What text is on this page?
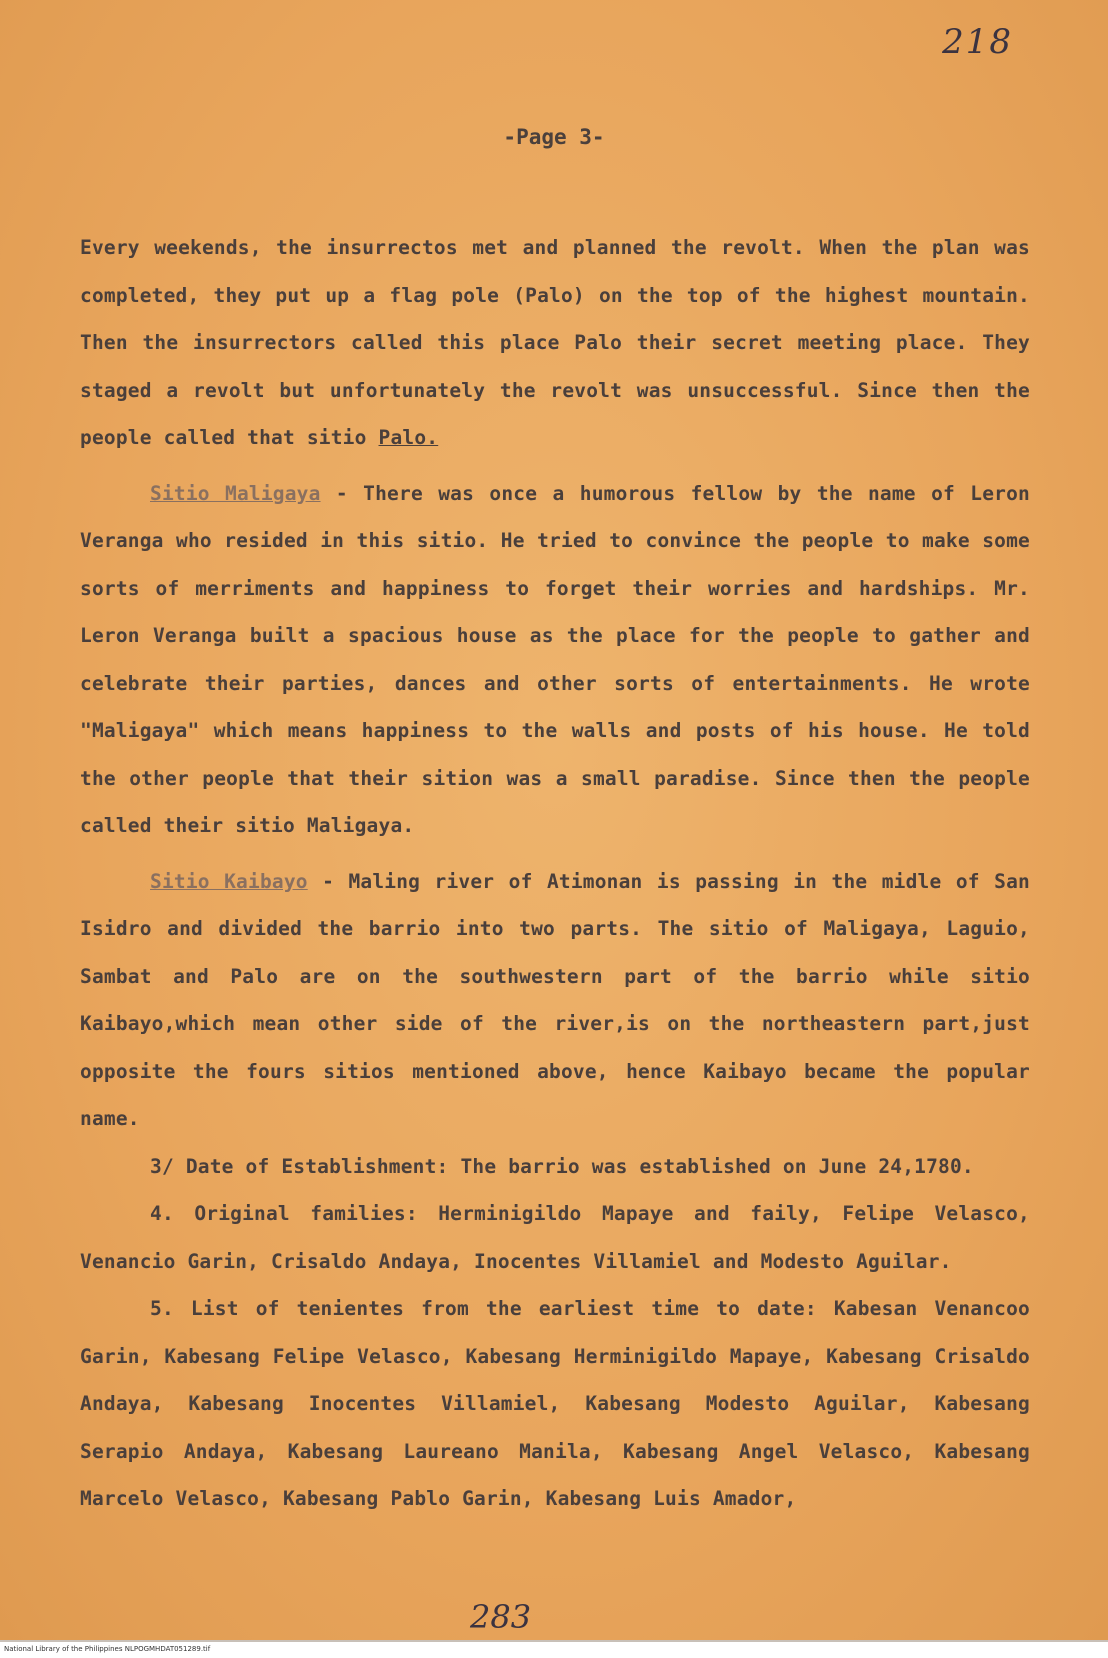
218
-Page 3-

Every weekends, the insurrectos met and planned the revolt. When the plan was completed, they put up a flag pole (Palo) on the top of the highest mountain. Then the insurrectors called this place Palo their secret meeting place. They staged a revolt but unfortunately the revolt was unsuccessful. Since then the people called that sitio Palo.

Sitio Maligaya - There was once a humorous fellow by the name of Leron Veranga who resided in this sitio. He tried to convince the people to make some sorts of merriments and happiness to forget their worries and hardships. Mr. Leron Veranga built a spacious house as the place for the people to gather and celebrate their parties, dances and other sorts of entertainments. He wrote "Maligaya" which means happiness to the walls and posts of his house. He told the other people that their sition was a small paradise. Since then the people called their sitio Maligaya.

Sitio Kaibayo - Maling river of Atimonan is passing in the midle of San Isidro and divided the barrio into two parts. The sitio of Maligaya, Laguio, Sambat and Palo are on the southwestern part of the barrio while sitio Kaibayo,which mean other side of the river,is on the northeastern part,just opposite the fours sitios mentioned above, hence Kaibayo became the popular name.

3/ Date of Establishment: The barrio was established on June 24,1780.

4. Original families: Herminigildo Mapaye and faily, Felipe Velasco, Venancio Garin, Crisaldo Andaya, Inocentes Villamiel and Modesto Aguilar.

5. List of tenientes from the earliest time to date: Kabesan Venancoo Garin, Kabesang Felipe Velasco, Kabesang Herminigildo Mapaye, Kabesang Crisaldo Andaya, Kabesang Inocentes Villamiel, Kabesang Modesto Aguilar, Kabesang Serapio Andaya, Kabesang Laureano Manila, Kabesang Angel Velasco, Kabesang Marcelo Velasco, Kabesang Pablo Garin, Kabesang Luis Amador,

283
National Library of the Philippines NLPOGMHDAT051289.tif
